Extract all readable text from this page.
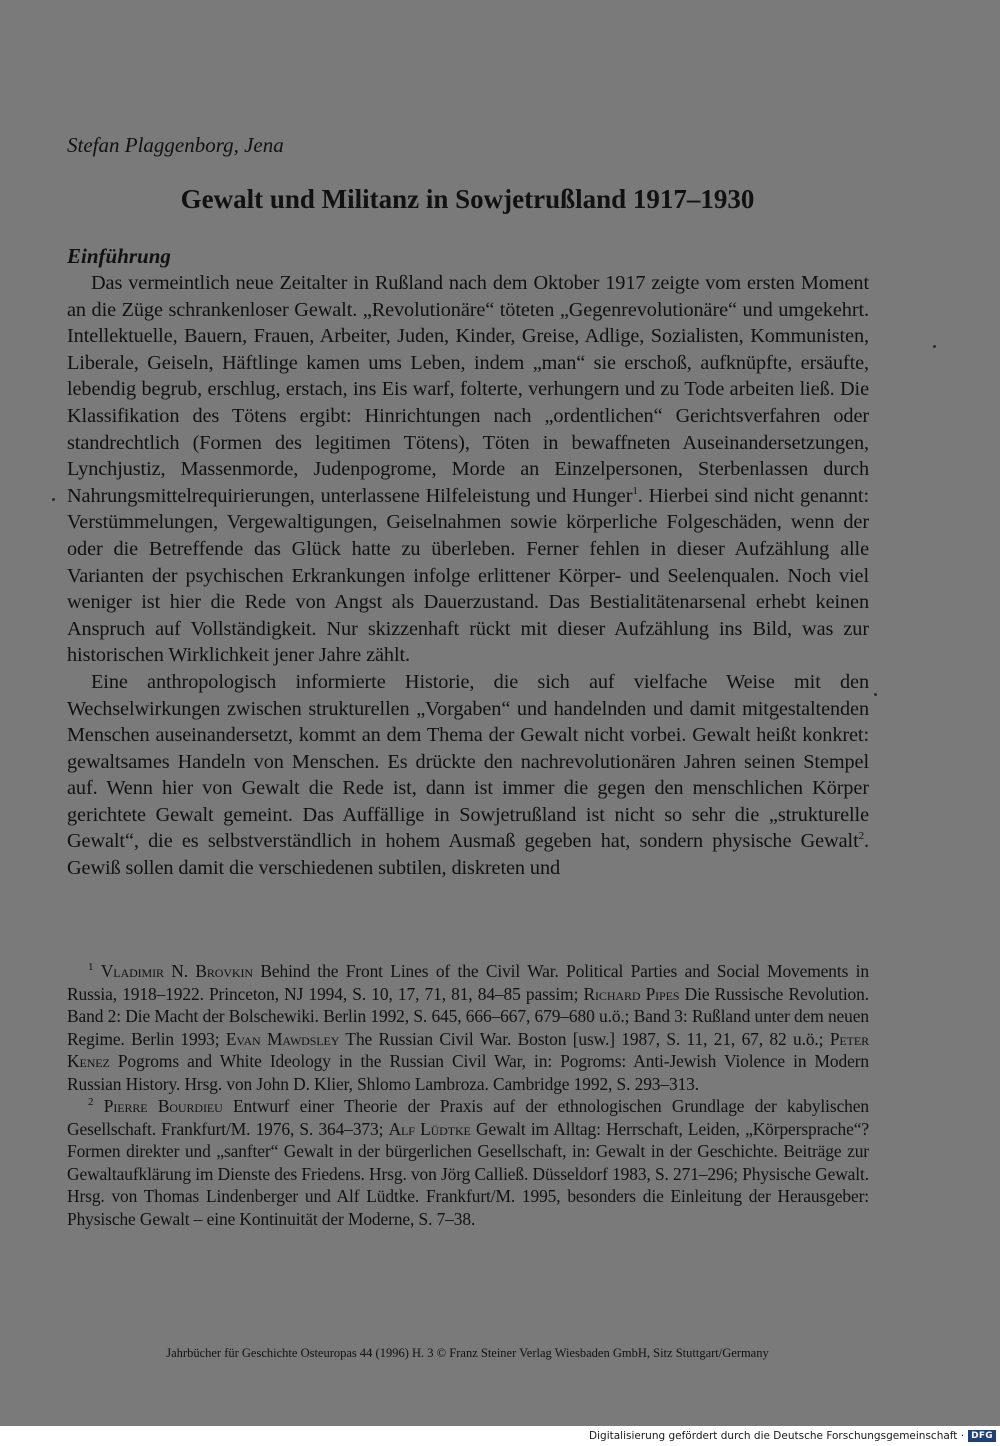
Stefan Plaggenborg, Jena

Gewalt und Militanz in Sowjetrußland 1917–1930
Einführung

Das vermeintlich neue Zeitalter in Rußland nach dem Oktober 1917 zeigte vom ersten Moment an die Züge schrankenloser Gewalt. „Revolutionäre“ töteten „Gegenrevolutionäre“ und umgekehrt. Intellektuelle, Bauern, Frauen, Arbeiter, Juden, Kinder, Greise, Adlige, Sozialisten, Kommunisten, Liberale, Geiseln, Häftlinge kamen ums Leben, indem „man“ sie erschoß, aufknüpfte, ersäufte, lebendig begrub, erschlug, erstach, ins Eis warf, folterte, verhungern und zu Tode arbeiten ließ. Die Klassifikation des Tötens ergibt: Hinrichtungen nach „ordentlichen“ Gerichtsverfahren oder standrechtlich (Formen des legitimen Tötens), Töten in bewaffneten Auseinandersetzungen, Lynchjustiz, Massenmorde, Judenpogrome, Morde an Einzelpersonen, Sterbenlassen durch Nahrungsmittelrequirierungen, unterlassene Hilfeleistung und Hunger$^1$. Hierbei sind nicht genannt: Verstümmelungen, Vergewaltigungen, Geiselnahmen sowie körperliche Folgeschäden, wenn der oder die Betreffende das Glück hatte zu überleben. Ferner fehlen in dieser Aufzählung alle Varianten der psychischen Erkrankungen infolge erlittener Körper- und Seelenqualen. Noch viel weniger ist hier die Rede von Angst als Dauerzustand. Das Bestialitätenarsenal erhebt keinen Anspruch auf Vollständigkeit. Nur skizzenhaft rückt mit dieser Aufzählung ins Bild, was zur historischen Wirklichkeit jener Jahre zählt.

Eine anthropologisch informierte Historie, die sich auf vielfache Weise mit den Wechselwirkungen zwischen strukturellen „Vorgaben“ und handelnden und damit mitgestaltenden Menschen auseinandersetzt, kommt an dem Thema der Gewalt nicht vorbei. Gewalt heißt konkret: gewaltsames Handeln von Menschen. Es drückte den nachrevolutionären Jahren seinen Stempel auf. Wenn hier von Gewalt die Rede ist, dann ist immer die gegen den menschlichen Körper gerichtete Gewalt gemeint. Das Auffällige in Sowjetrußland ist nicht so sehr die „strukturelle Gewalt“, die es selbstverständlich in hohem Ausmaß gegeben hat, sondern physische Gewalt$^2$. Gewiß sollen damit die verschiedenen subtilen, diskreten und

$^1$ Vladimir N. Brovkin Behind the Front Lines of the Civil War. Political Parties and Social Movements in Russia, 1918–1922. Princeton, NJ 1994, S. 10, 17, 71, 81, 84–85 passim; Richard Pipes Die Russische Revolution. Band 2: Die Macht der Bolschewiki. Berlin 1992, S. 645, 666–667, 679–680 u.ö.; Band 3: Rußland unter dem neuen Regime. Berlin 1993; Evan Mawdsley The Russian Civil War. Boston [usw.] 1987, S. 11, 21, 67, 82 u.ö.; Peter Kenez Pogroms and White Ideology in the Russian Civil War, in: Pogroms: Anti-Jewish Violence in Modern Russian History. Hrsg. von John D. Klier, Shlomo Lambroza. Cambridge 1992, S. 293–313.

$^2$ Pierre Bourdieu Entwurf einer Theorie der Praxis auf der ethnologischen Grundlage der kabylischen Gesellschaft. Frankfurt/M. 1976, S. 364–373; Alf Lüdtke Gewalt im Alltag: Herrschaft, Leiden, „Körpersprache“? Formen direkter und „sanfter“ Gewalt in der bürgerlichen Gesellschaft, in: Gewalt in der Geschichte. Beiträge zur Gewaltaufklärung im Dienste des Friedens. Hrsg. von Jörg Calließ. Düsseldorf 1983, S. 271–296; Physische Gewalt. Hrsg. von Thomas Lindenberger und Alf Lüdtke. Frankfurt/M. 1995, besonders die Einleitung der Herausgeber: Physische Gewalt – eine Kontinuität der Moderne, S. 7–38.

Jahrbücher für Geschichte Osteuropas 44 (1996) H. 3 © Franz Steiner Verlag Wiesbaden GmbH, Sitz Stuttgart/Germany

Digitalisierung gefördert durch die Deutsche Forschungsgemeinschaft · DFG
